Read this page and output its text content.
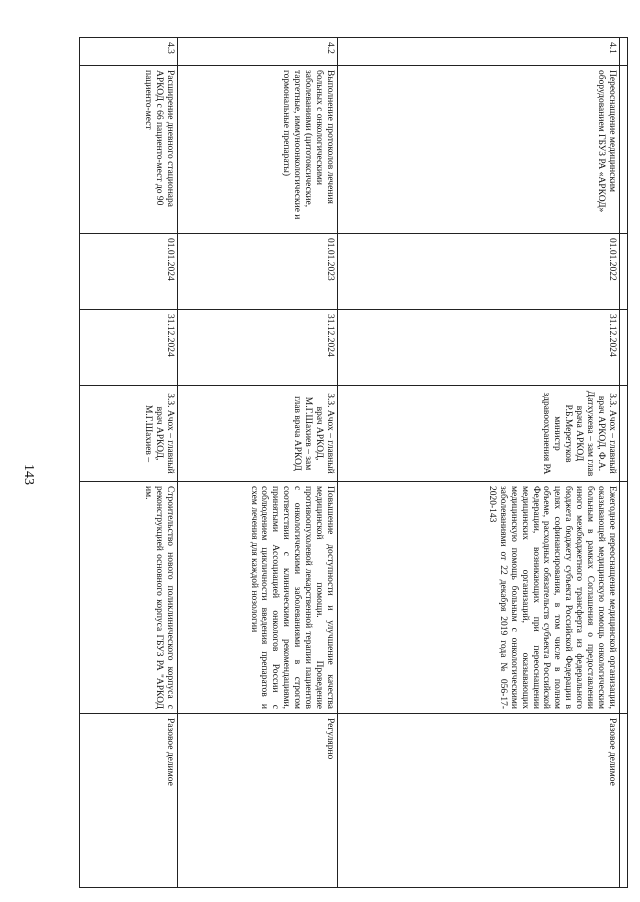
143

4.1	Переоснащение медицинским оборудованием ГБУЗ РА «АРКОД»	01.01.2022	31.12.2024	З.З. Ачох – главный врач АРКОД, Ф.А. Датхужева – зам глав врача АРКОД Р.Б.Меретуков министр здравоохранения РА	Ежегодное переоснащение медицинской организации, оказывающей медицинскую помощь онкологическим больным в рамках Соглашения о предоставлении иного межбюджетного трансферта из федерального бюджета бюджету субъекта Российской Федерации в целях софинансирования, в том числе в полном объеме, расходных обязательств субъекта Российской Федерации, возникающих при переоснащении медицинских организаций, оказывающих медицинскую помощь больным с онкологическими заболеваниями от 22 декабря 2019 года № 056-17-2020-143	Разовое делимое
4.2	Выполнение протоколов лечения больных с онкологическими заболеваниями (цитотоксические, таргетные, иммуноонкологические и гормональные препараты)	01.01.2023	31.12.2024	З.З. Ачох – главный врач АРКОД, М.Г.Шахиев – зам глав врача АРКОД	Повышение доступности и улучшение качества медицинской помощи. Проведение противоопухолевой лекарственной терапии пациентов с онкологическими заболеваниями в строгом соответствии с клиническими рекомендациями, принятыми Ассоциацией онкологов России с соблюдением цикличности введения препаратов и схем лечения для каждой нозологии	Регулярно
4.3	Расширение дневного стационара АРКОД с 66 пациенто-мест до 90 пациенто-мест	01.01.2024	31.12.2024	З.З. Ачох – главный врач АРКОД, М.Г.Шахиев –	Строительство нового поликлинического корпуса с реконструкцией основного корпуса ГБУЗ РА "АРКОД им.	Разовое делимое
